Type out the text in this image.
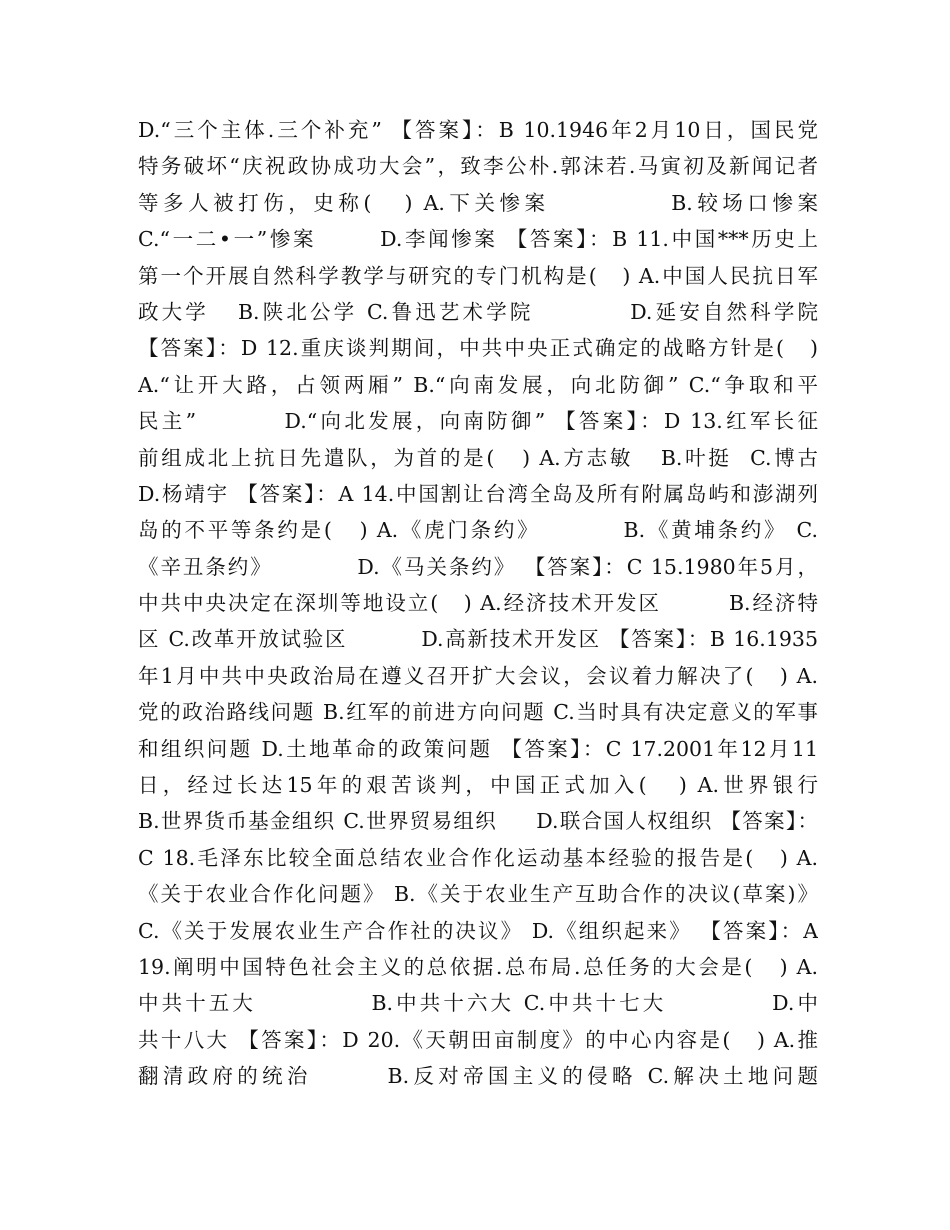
D.“三个主体.三个补充” 【答案】：B 10.1946年2月10日，国民党
特务破坏“庆祝政协成功大会”，致李公朴.郭沫若.马寅初及新闻记者
等多人被打伤，史称(   ) A.下关惨案           B.较场口惨案
C.“一二•一”惨案       D.李闻惨案 【答案】：B 11.中国***历史上
第一个开展自然科学教学与研究的专门机构是(   ) A.中国人民抗日军
政大学   B.陕北公学 C.鲁迅艺术学院          D.延安自然科学院
【答案】：D 12.重庆谈判期间，中共中央正式确定的战略方针是(   )
A.“让开大路，占领两厢” B.“向南发展，向北防御” C.“争取和平
民主”         D.“向北发展，向南防御” 【答案】：D 13.红军长征
前组成北上抗日先遣队，为首的是(   ) A.方志敏   B.叶挺  C.博古
D.杨靖宇 【答案】：A 14.中国割让台湾全岛及所有附属岛屿和澎湖列
岛的不平等条约是(   ) A.《虎门条约》         B.《黄埔条约》 C.
《辛丑条约》          D.《马关条约》 【答案】：C 15.1980年5月，
中共中央决定在深圳等地设立(   ) A.经济技术开发区        B.经济特
区 C.改革开放试验区         D.高新技术开发区 【答案】：B 16.1935
年1月中共中央政治局在遵义召开扩大会议，会议着力解决了(   ) A.
党的政治路线问题 B.红军的前进方向问题 C.当时具有决定意义的军事
和组织问题 D.土地革命的政策问题 【答案】：C 17.2001年12月11
日，经过长达15年的艰苦谈判，中国正式加入(   ) A.世界银行
B.世界货币基金组织 C.世界贸易组织     D.联合国人权组织 【答案】：
C 18.毛泽东比较全面总结农业合作化运动基本经验的报告是(   ) A.
《关于农业合作化问题》 B.《关于农业生产互助合作的决议(草案)》
C.《关于发展农业生产合作社的决议》 D.《组织起来》 【答案】：A
19.阐明中国特色社会主义的总依据.总布局.总任务的大会是(   ) A.
中共十五大            B.中共十六大 C.中共十七大           D.中
共十八大 【答案】：D 20.《天朝田亩制度》的中心内容是(   ) A.推
翻清政府的统治       B.反对帝国主义的侵略 C.解决土地问题
